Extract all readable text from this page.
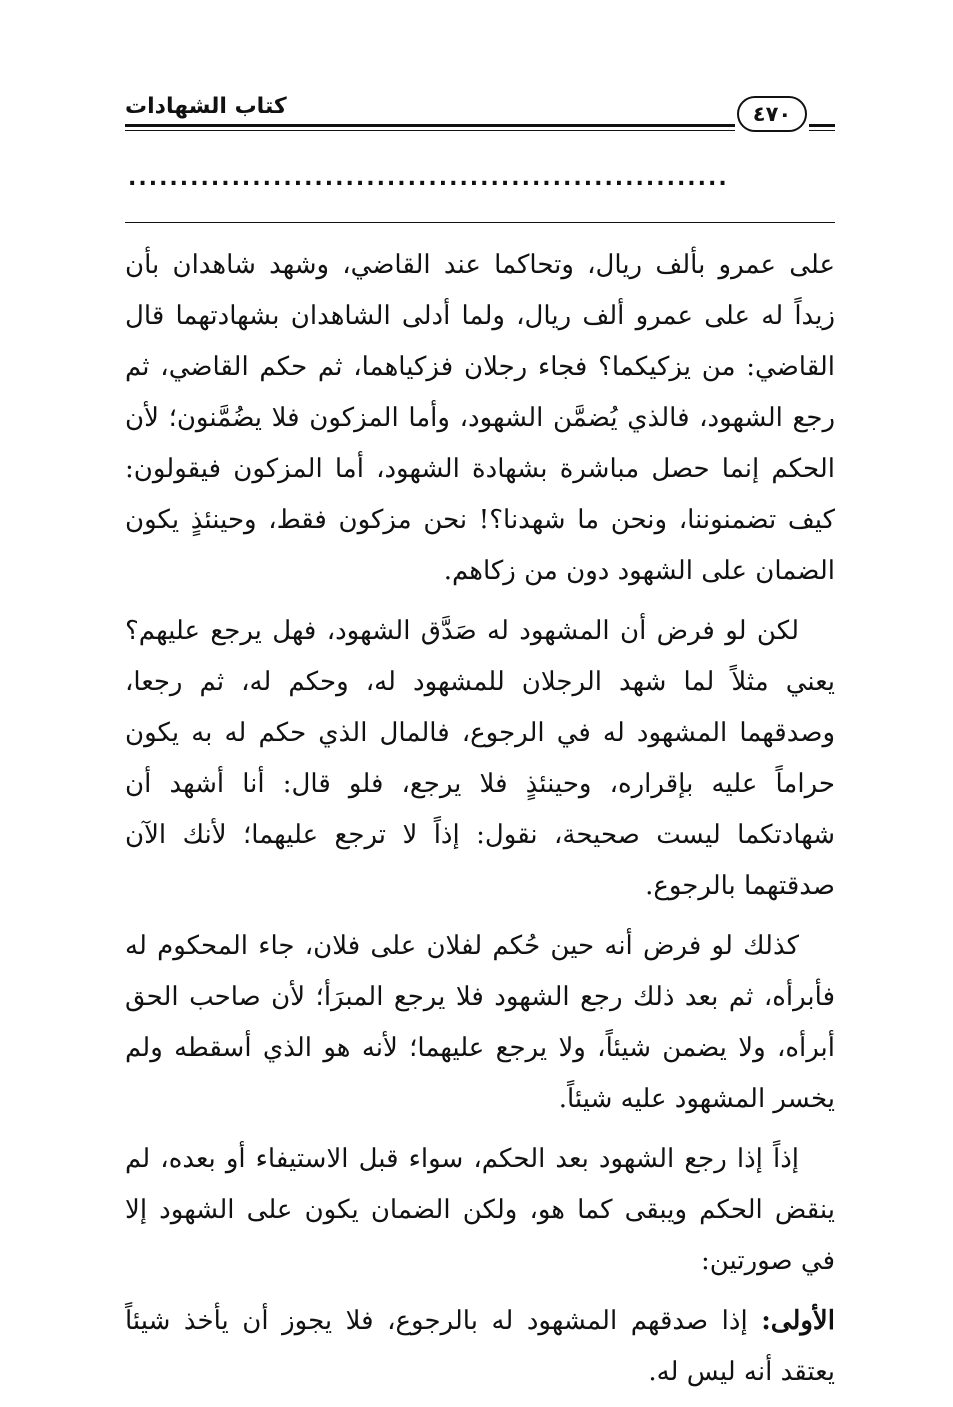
كتاب الشهادات	٤٧٠
..........................................................

على عمرو بألف ريال، وتحاكما عند القاضي، وشهد شاهدان بأن زيداً له على عمرو ألف ريال، ولما أدلى الشاهدان بشهادتهما قال القاضي: من يزكيكما؟ فجاء رجلان فزكياهما، ثم حكم القاضي، ثم رجع الشهود، فالذي يُضمَّن الشهود، وأما المزكون فلا يضُمَّنون؛ لأن الحكم إنما حصل مباشرة بشهادة الشهود، أما المزكون فيقولون: كيف تضمنوننا، ونحن ما شهدنا؟! نحن مزكون فقط، وحينئذٍ يكون الضمان على الشهود دون من زكاهم.

لكن لو فرض أن المشهود له صَدَّق الشهود، فهل يرجع عليهم؟ يعني مثلاً لما شهد الرجلان للمشهود له، وحكم له، ثم رجعا، وصدقهما المشهود له في الرجوع، فالمال الذي حكم له به يكون حراماً عليه بإقراره، وحينئذٍ فلا يرجع، فلو قال: أنا أشهد أن شهادتكما ليست صحيحة، نقول: إذاً لا ترجع عليهما؛ لأنك الآن صدقتهما بالرجوع.

كذلك لو فرض أنه حين حُكم لفلان على فلان، جاء المحكوم له فأبرأه، ثم بعد ذلك رجع الشهود فلا يرجع المبرَأ؛ لأن صاحب الحق أبرأه، ولا يضمن شيئاً، ولا يرجع عليهما؛ لأنه هو الذي أسقطه ولم يخسر المشهود عليه شيئاً.

إذاً إذا رجع الشهود بعد الحكم، سواء قبل الاستيفاء أو بعده، لم ينقض الحكم ويبقى كما هو، ولكن الضمان يكون على الشهود إلا في صورتين:

الأولى: إذا صدقهم المشهود له بالرجوع، فلا يجوز أن يأخذ شيئاً يعتقد أنه ليس له.
